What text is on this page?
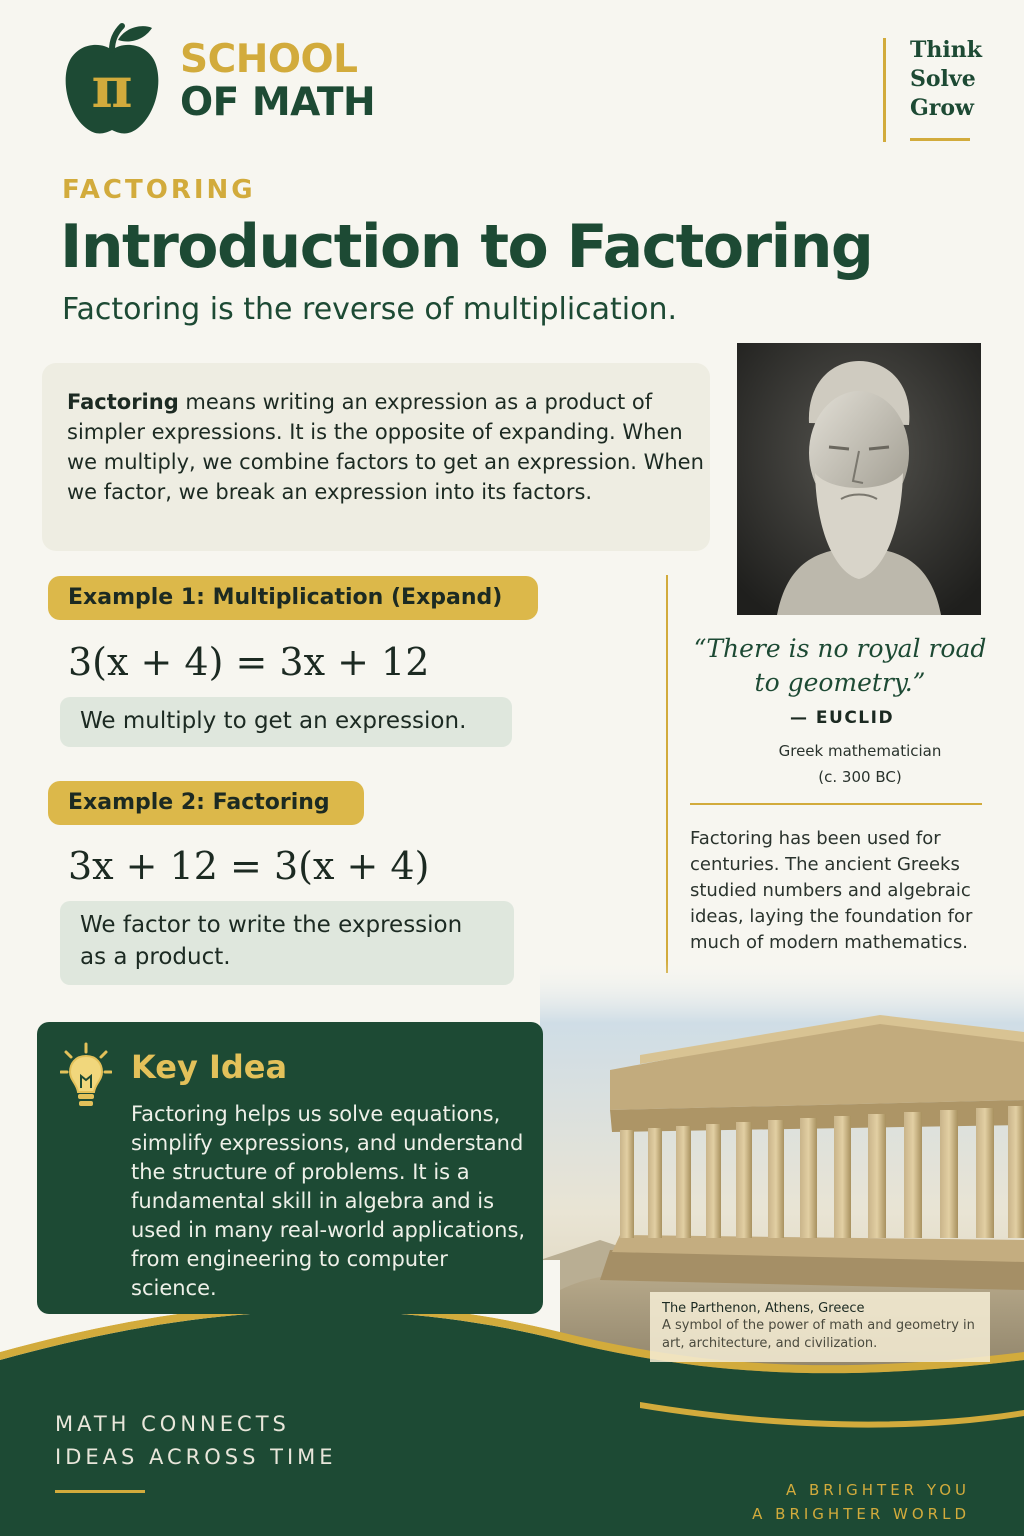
π SCHOOL
OF MATH
Think
Solve
Grow
FACTORING
Introduction to Factoring
Factoring is the reverse of multiplication.

Factoring means writing an expression as a product of simpler expressions. It is the opposite of expanding. When we multiply, we combine factors to get an expression. When we factor, we break an expression into its factors.

Example 1: Multiplication (Expand)
3(x + 4) = 3x + 12
We multiply to get an expression.
Example 2: Factoring
3x + 12 = 3(x + 4)
We factor to write the expression as a product.
“There is no royal road to geometry.”
— EUCLID
Greek mathematician
(c. 300 BC)
Factoring has been used for centuries. The ancient Greeks studied numbers and algebraic ideas, laying the foundation for much of modern mathematics.
Key Idea
Factoring helps us solve equations, simplify expressions, and understand the structure of problems. It is a fundamental skill in algebra and is used in many real-world applications, from engineering to computer science.
The Parthenon, Athens, Greece
A symbol of the power of math and geometry in art, architecture, and civilization.
MATH CONNECTS
IDEAS ACROSS TIME
A BRIGHTER YOU
A BRIGHTER WORLD
